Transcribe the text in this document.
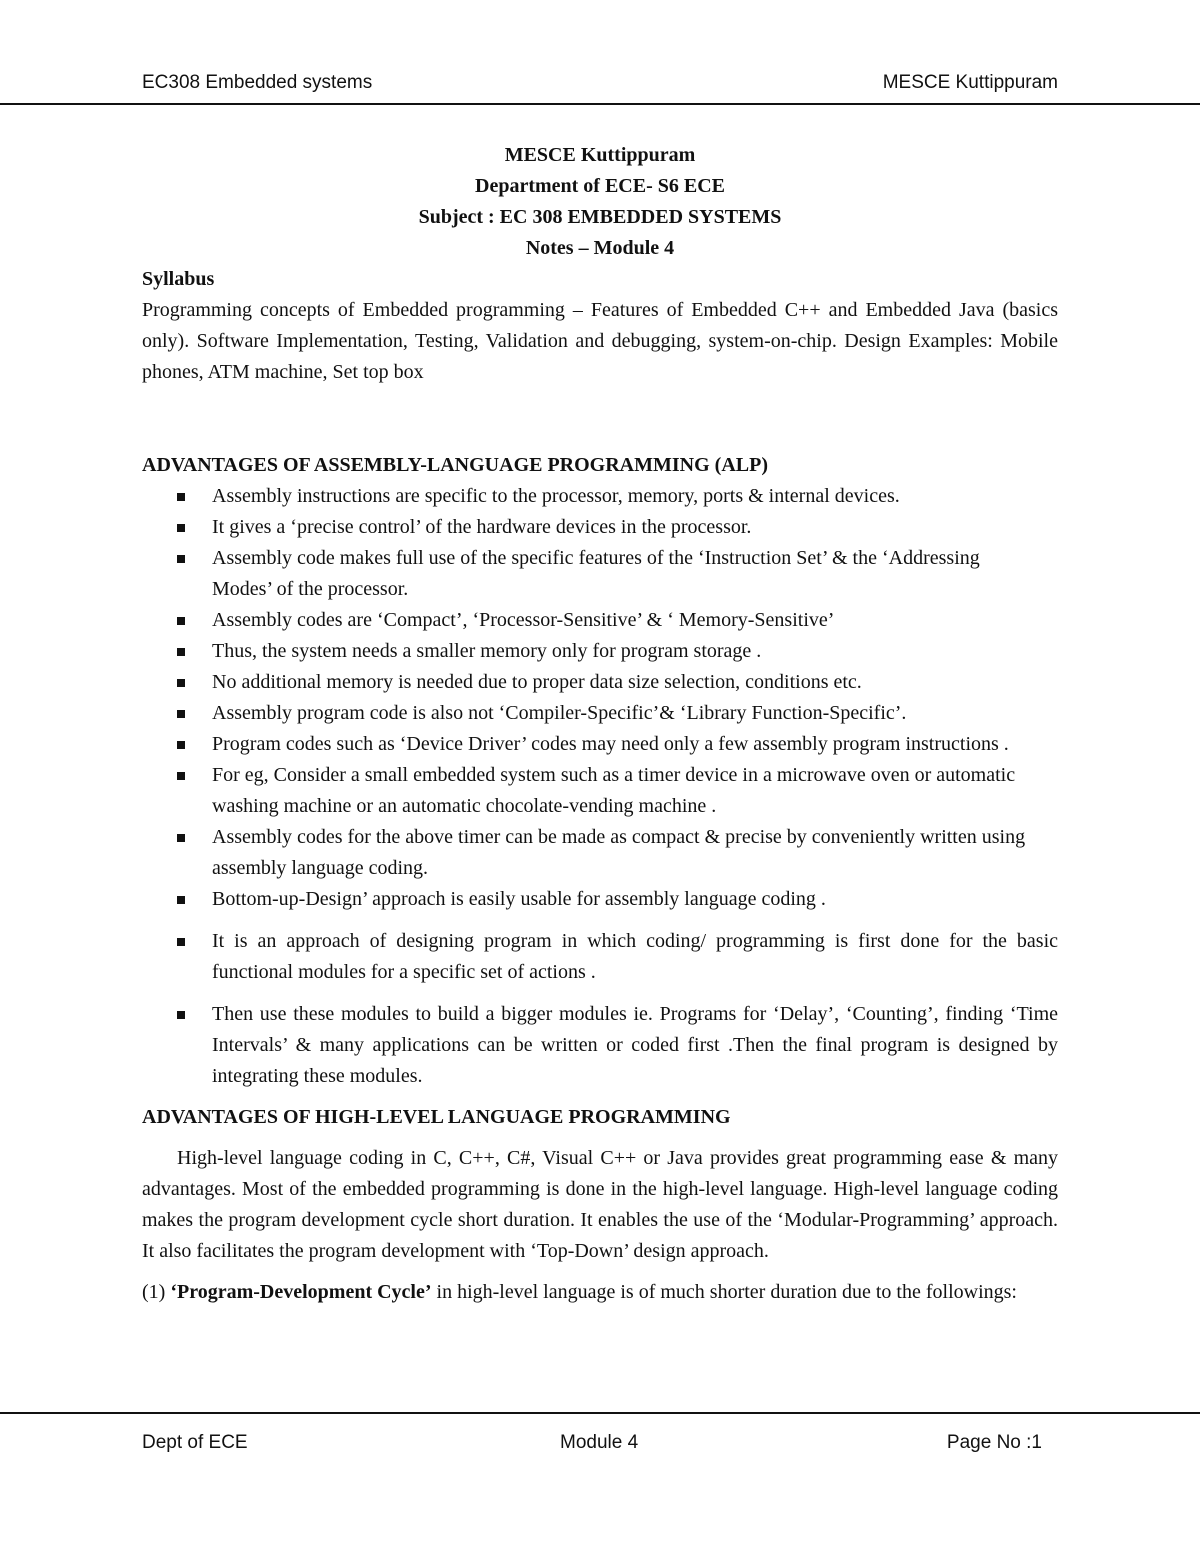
EC308 Embedded systems	MESCE Kuttippuram
MESCE Kuttippuram
Department of ECE- S6 ECE
Subject : EC 308 EMBEDDED SYSTEMS
Notes – Module 4
Syllabus
Programming concepts of Embedded programming – Features of Embedded C++ and Embedded Java (basics only). Software Implementation, Testing, Validation and debugging, system-on-chip. Design Examples: Mobile phones, ATM machine, Set top box
ADVANTAGES OF ASSEMBLY-LANGUAGE PROGRAMMING (ALP)
Assembly instructions are specific to the processor, memory, ports & internal devices.
It gives a ‘precise control’ of the hardware devices in the processor.
Assembly code makes full use of the specific features of the ‘Instruction Set’ & the ‘Addressing Modes’ of the processor.
Assembly codes are ‘Compact’, ‘Processor-Sensitive’ & ‘ Memory-Sensitive’
Thus, the system needs a smaller memory only for program storage .
No additional memory is needed due to proper data size selection, conditions etc.
Assembly program code is also not ‘Compiler-Specific’& ‘Library Function-Specific’.
Program codes such as ‘Device Driver’ codes may need only a few assembly program instructions .
For eg, Consider a small embedded system such as a timer device in a microwave oven or automatic washing machine or an automatic chocolate-vending machine .
Assembly codes for the above timer can be made as compact & precise by conveniently written using assembly language coding.
Bottom-up-Design’ approach is easily usable for assembly language coding .
It is an approach of designing program in which coding/ programming is first done for the basic functional modules for a specific set of actions .
Then use these modules to build a bigger modules ie. Programs for ‘Delay’, ‘Counting’, finding ‘Time Intervals’ & many applications can be written or coded first .Then the final program is designed by integrating these modules.
ADVANTAGES OF HIGH-LEVEL LANGUAGE PROGRAMMING
High-level language coding in C, C++, C#, Visual C++ or Java provides great programming ease & many advantages. Most of the embedded programming is done in the high-level language. High-level language coding makes the program development cycle short duration. It enables the use of the ‘Modular-Programming’ approach. It also facilitates the program development with ‘Top-Down’ design approach.
(1) ‘Program-Development Cycle’ in high-level language is of much shorter duration due to the followings:
Dept of ECE	Module 4	Page No :1
